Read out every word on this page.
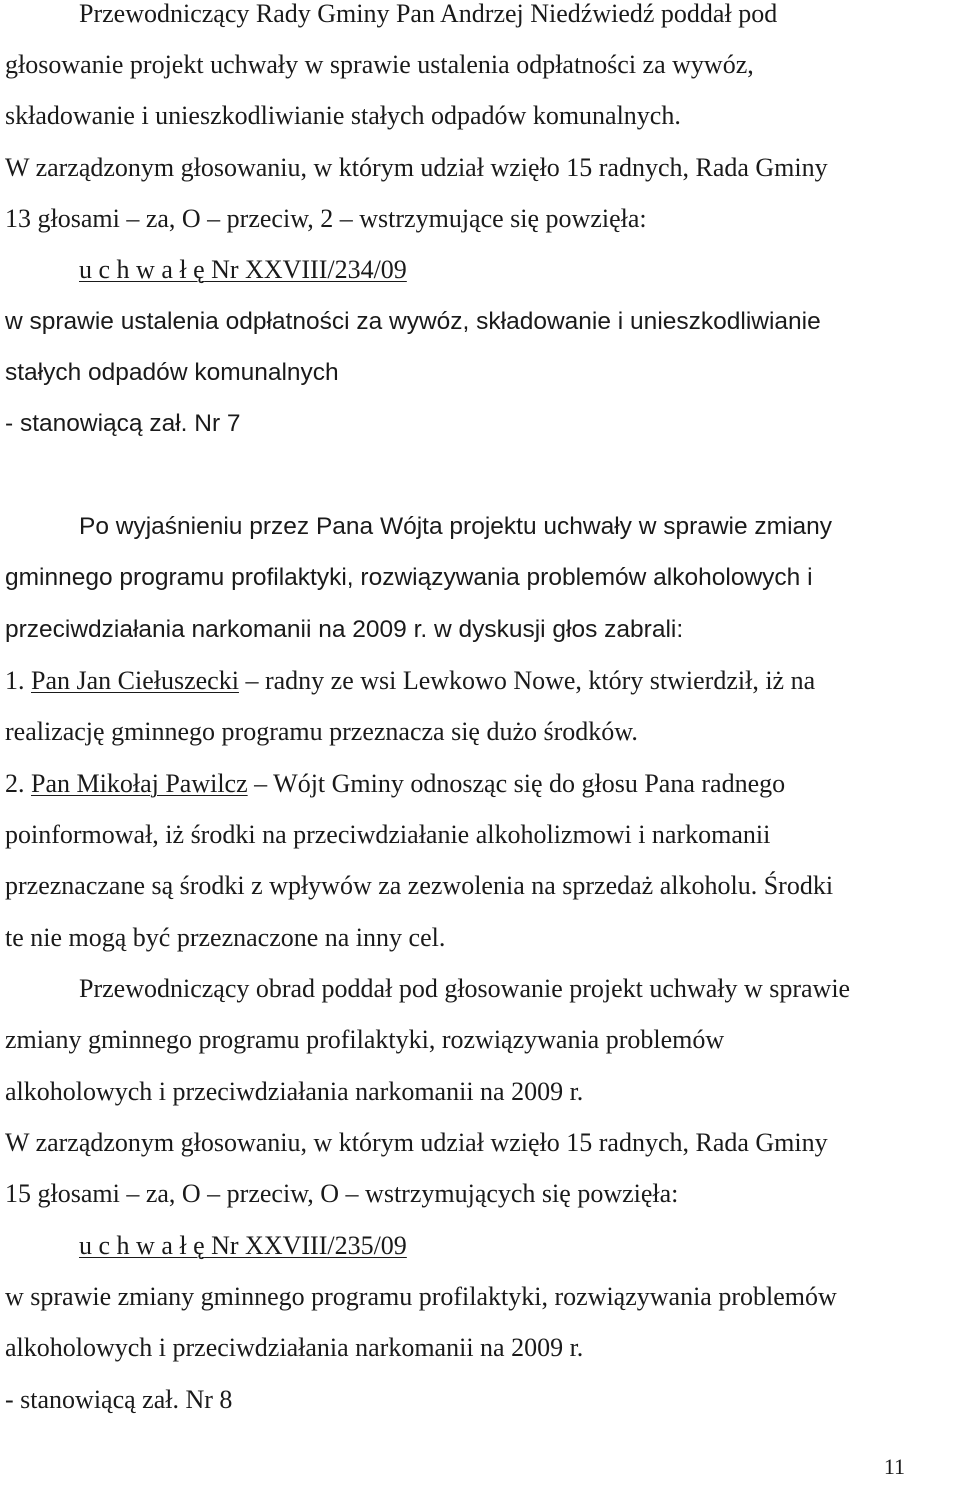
Przewodniczący Rady Gminy Pan Andrzej Niedźwiedź poddał pod
głosowanie projekt uchwały w sprawie ustalenia odpłatności za wywóz,
składowanie i unieszkodliwianie stałych odpadów komunalnych.
W zarządzonym głosowaniu, w którym udział wzięło 15 radnych, Rada Gminy
13 głosami – za, O – przeciw, 2 – wstrzymujące się powzięła:
u c h w a ł ę Nr XXVIII/234/09
w sprawie ustalenia odpłatności za wywóz, składowanie i unieszkodliwianie
stałych odpadów komunalnych
- stanowiącą zał. Nr 7
Po wyjaśnieniu przez Pana Wójta projektu uchwały w sprawie zmiany
gminnego programu profilaktyki, rozwiązywania problemów alkoholowych i
przeciwdziałania narkomanii na 2009 r. w dyskusji głos zabrali:
1. Pan Jan Ciełuszecki – radny ze wsi Lewkowo Nowe, który stwierdził, iż na
realizację gminnego programu przeznacza się dużo środków.
2. Pan Mikołaj Pawilcz – Wójt Gminy odnosząc się do głosu Pana radnego
poinformował, iż środki na przeciwdziałanie alkoholizmowi i narkomanii
przeznaczane są środki z wpływów za zezwolenia na sprzedaż alkoholu. Środki
te nie mogą być przeznaczone na inny cel.
Przewodniczący obrad poddał pod głosowanie projekt uchwały w sprawie
zmiany gminnego programu profilaktyki, rozwiązywania problemów
alkoholowych i przeciwdziałania narkomanii na 2009 r.
W zarządzonym głosowaniu, w którym udział wzięło 15 radnych, Rada Gminy
15 głosami – za, O – przeciw, O – wstrzymujących się powzięła:
u c h w a ł ę Nr XXVIII/235/09
w sprawie zmiany gminnego programu profilaktyki, rozwiązywania problemów
alkoholowych i przeciwdziałania narkomanii na 2009 r.
- stanowiącą zał. Nr 8
11
